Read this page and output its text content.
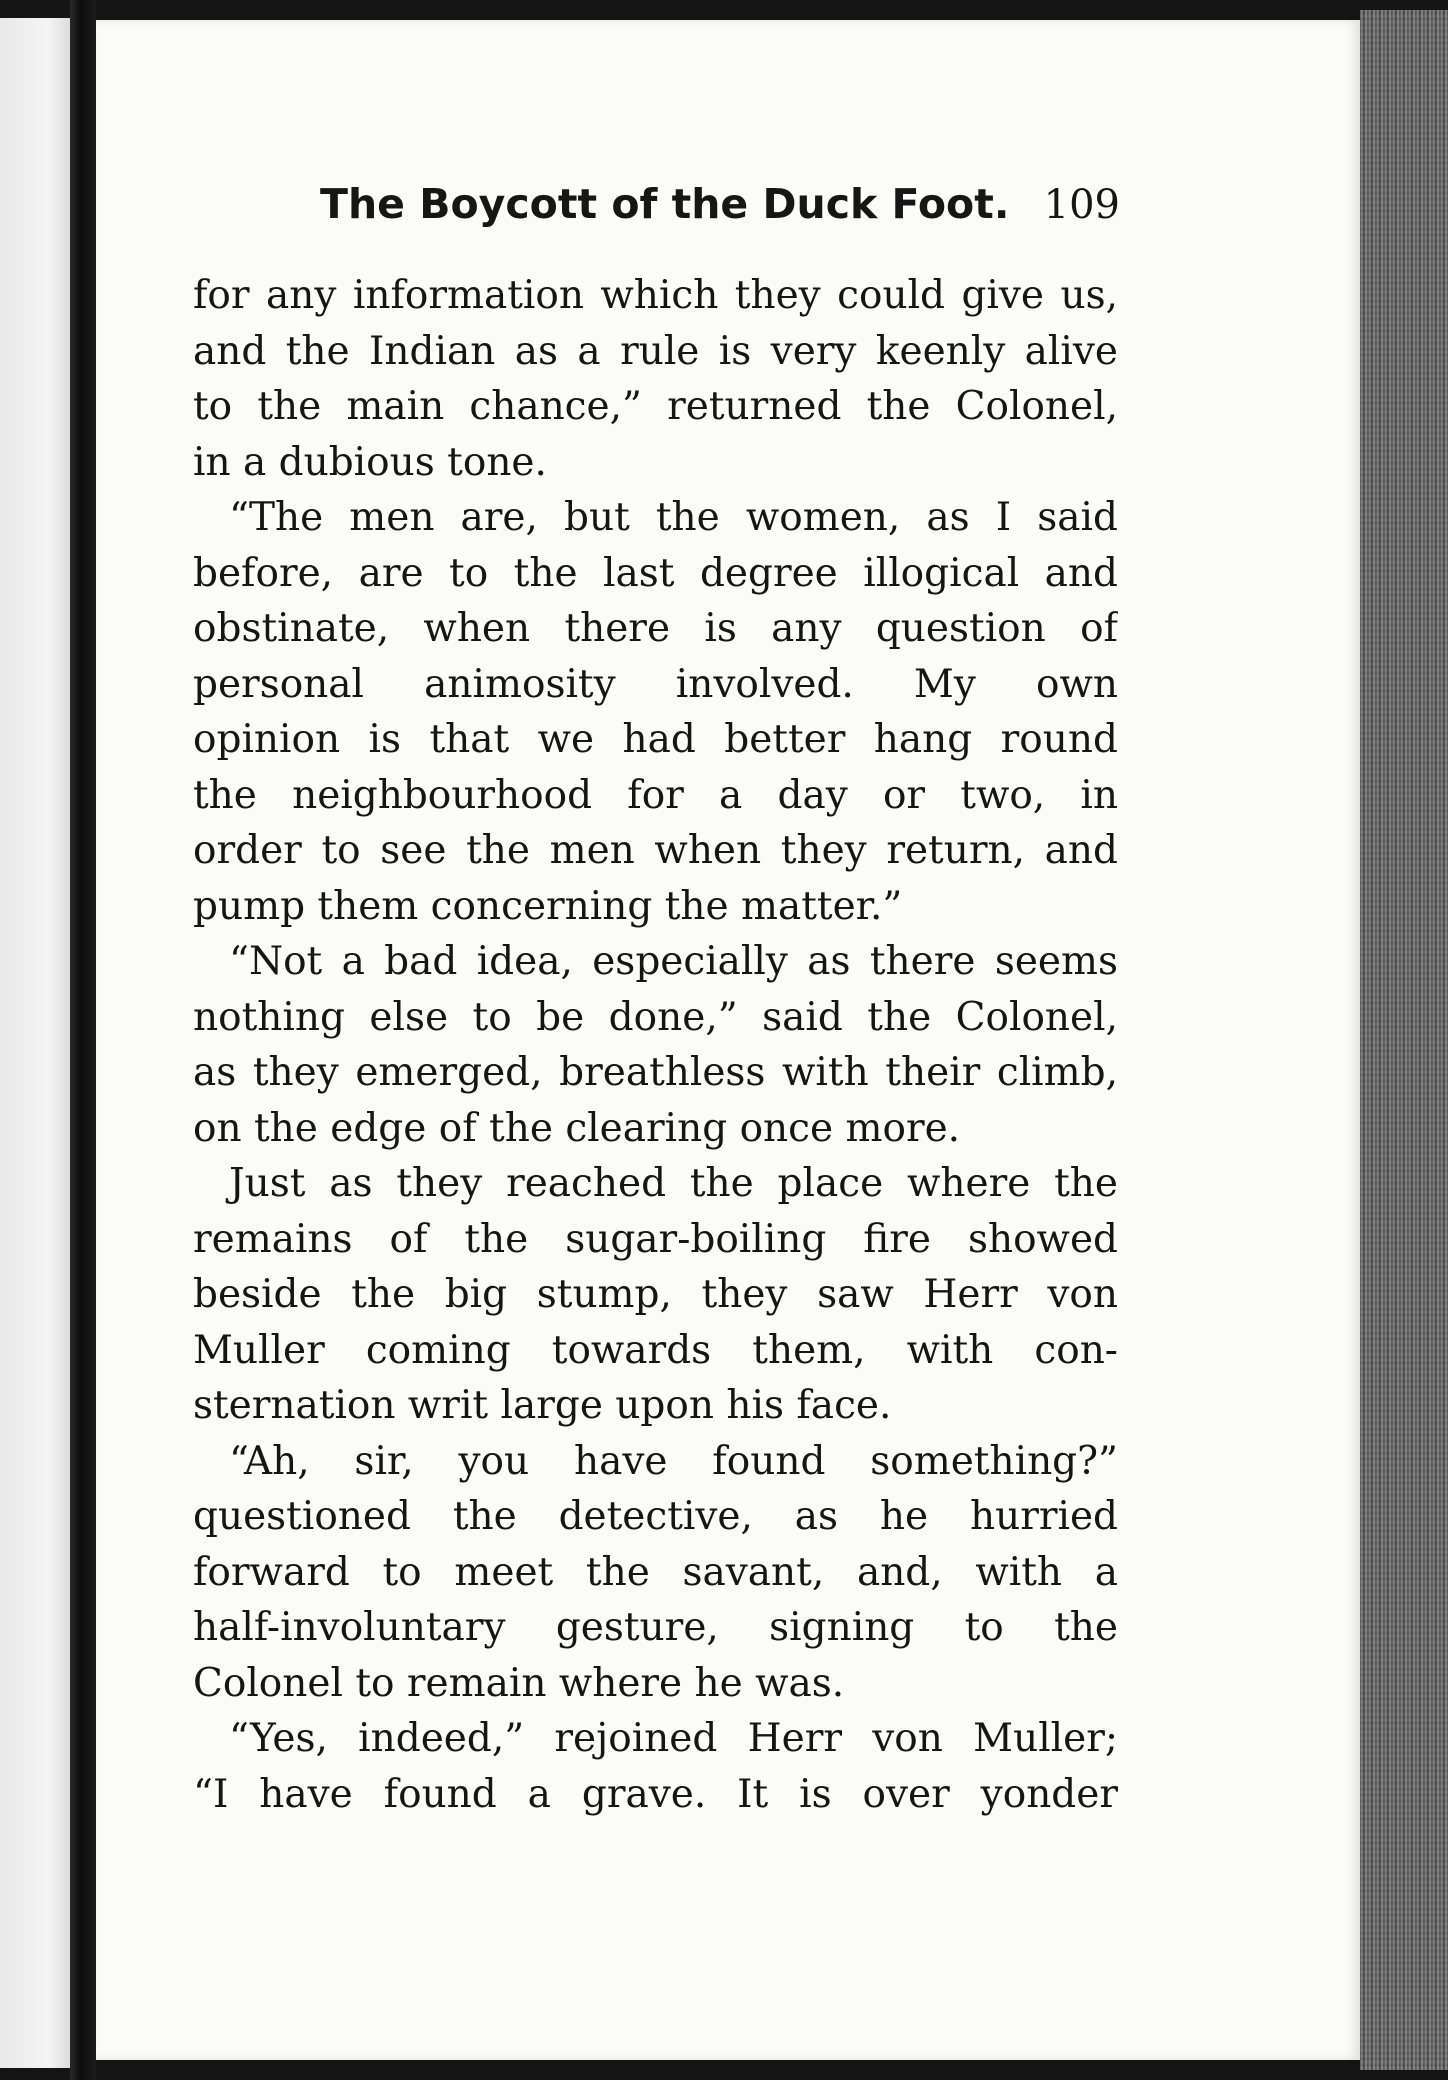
The Boycott of the Duck Foot. 109
for any information which they could give us,
and the Indian as a rule is very keenly alive
to the main chance,” returned the Colonel,
in a dubious tone.
“The men are, but the women, as I said
before, are to the last degree illogical and
obstinate, when there is any question of
personal animosity involved. My own
opinion is that we had better hang round
the neighbourhood for a day or two, in
order to see the men when they return, and
pump them concerning the matter.”
“Not a bad idea, especially as there seems
nothing else to be done,” said the Colonel,
as they emerged, breathless with their climb,
on the edge of the clearing once more.
Just as they reached the place where the
remains of the sugar-boiling fire showed
beside the big stump, they saw Herr von
Muller coming towards them, with con-
sternation writ large upon his face.
“Ah, sir, you have found something?”
questioned the detective, as he hurried
forward to meet the savant, and, with a
half-involuntary gesture, signing to the
Colonel to remain where he was.
“Yes, indeed,” rejoined Herr von Muller;
“I have found a grave. It is over yonder
